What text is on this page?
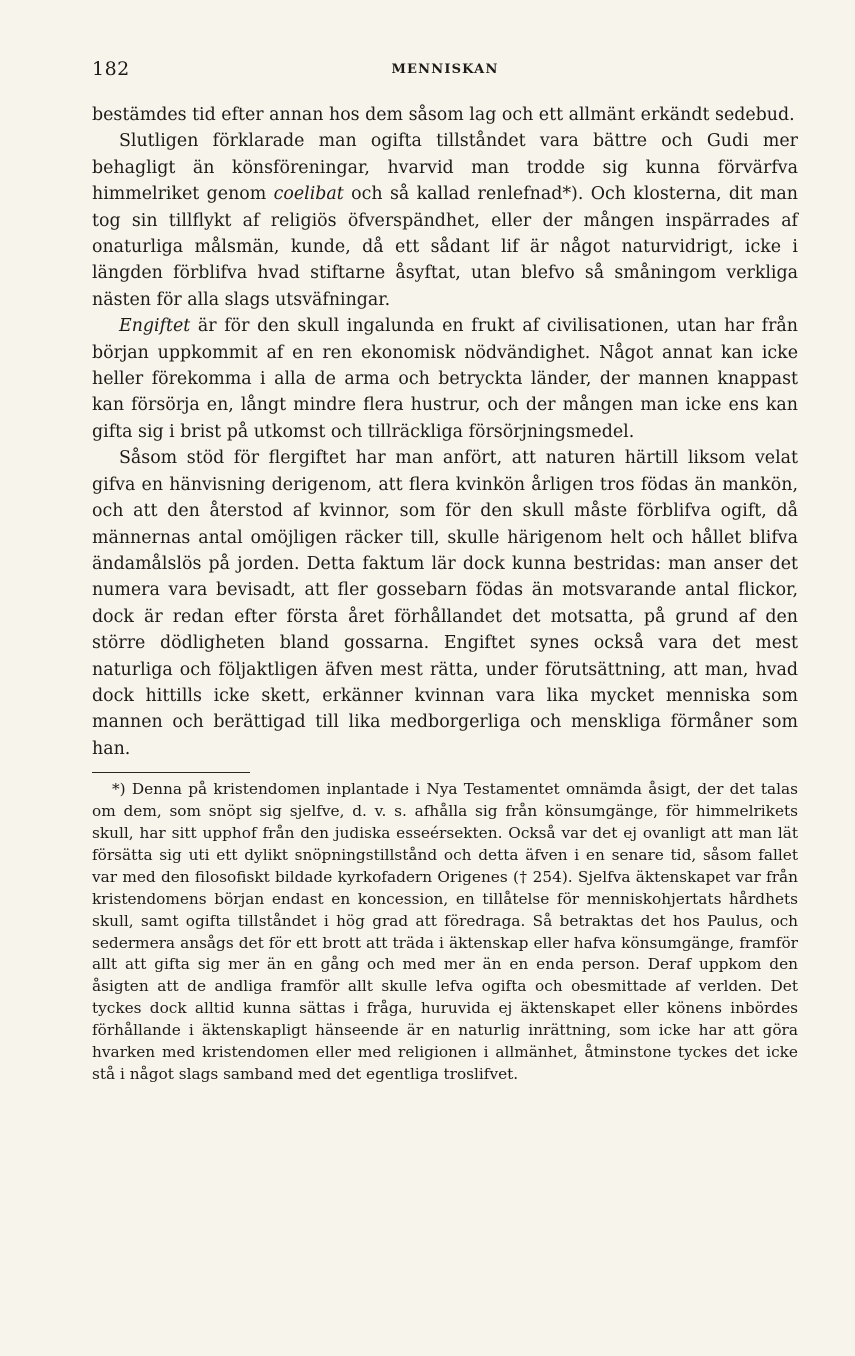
182	MENNISKAN

bestämdes tid efter annan hos dem såsom lag och ett allmänt erkändt sedebud.

Slutligen förklarade man ogifta tillståndet vara bättre och Gudi mer behagligt än könsföreningar, hvarvid man trodde sig kunna förvärfva himmelriket genom coelibat och så kallad renlefnad*). Och klosterna, dit man tog sin tillflykt af religiös öfverspändhet, eller der mången inspärrades af onaturliga målsmän, kunde, då ett sådant lif är något naturvidrigt, icke i längden förblifva hvad stiftarne åsyftat, utan blefvo så småningom verkliga nästen för alla slags utsväfningar.

Engiftet är för den skull ingalunda en frukt af civilisationen, utan har från början uppkommit af en ren ekonomisk nödvändighet. Något annat kan icke heller förekomma i alla de arma och betryckta länder, der mannen knappast kan försörja en, långt mindre flera hustrur, och der mången man icke ens kan gifta sig i brist på utkomst och tillräckliga försörjningsmedel.

Såsom stöd för flergiftet har man anfört, att naturen härtill liksom velat gifva en hänvisning derigenom, att flera kvinkön årligen tros födas än mankön, och att den återstod af kvinnor, som för den skull måste förblifva ogift, då männernas antal omöjligen räcker till, skulle härigenom helt och hållet blifva ändamålslös på jorden. Detta faktum lär dock kunna bestridas: man anser det numera vara bevisadt, att fler gossebarn födas än motsvarande antal flickor, dock är redan efter första året förhållandet det motsatta, på grund af den större dödligheten bland gossarna. Engiftet synes också vara det mest naturliga och följaktligen äfven mest rätta, under förutsättning, att man, hvad dock hittills icke skett, erkänner kvinnan vara lika mycket menniska som mannen och berättigad till lika medborgerliga och menskliga förmåner som han.

*) Denna på kristendomen inplantade i Nya Testamentet omnämda åsigt, der det talas om dem, som snöpt sig sjelfve, d. v. s. afhålla sig från könsumgänge, för himmelrikets skull, har sitt upphof från den judiska esseérsekten. Också var det ej ovanligt att man lät försätta sig uti ett dylikt snöpningstillstånd och detta äfven i en senare tid, såsom fallet var med den filosofiskt bildade kyrkofadern Origenes († 254). Sjelfva äktenskapet var från kristendomens början endast en koncession, en tillåtelse för menniskohjertats hårdhets skull, samt ogifta tillståndet i hög grad att föredraga. Så betraktas det hos Paulus, och sedermera ansågs det för ett brott att träda i äktenskap eller hafva könsumgänge, framför allt att gifta sig mer än en gång och med mer än en enda person. Deraf uppkom den åsigten att de andliga framför allt skulle lefva ogifta och obesmittade af verlden. Det tyckes dock alltid kunna sättas i fråga, huruvida ej äktenskapet eller könens inbördes förhållande i äktenskapligt hänseende är en naturlig inrättning, som icke har att göra hvarken med kristendomen eller med religionen i allmänhet, åtminstone tyckes det icke stå i något slags samband med det egentliga troslifvet.
